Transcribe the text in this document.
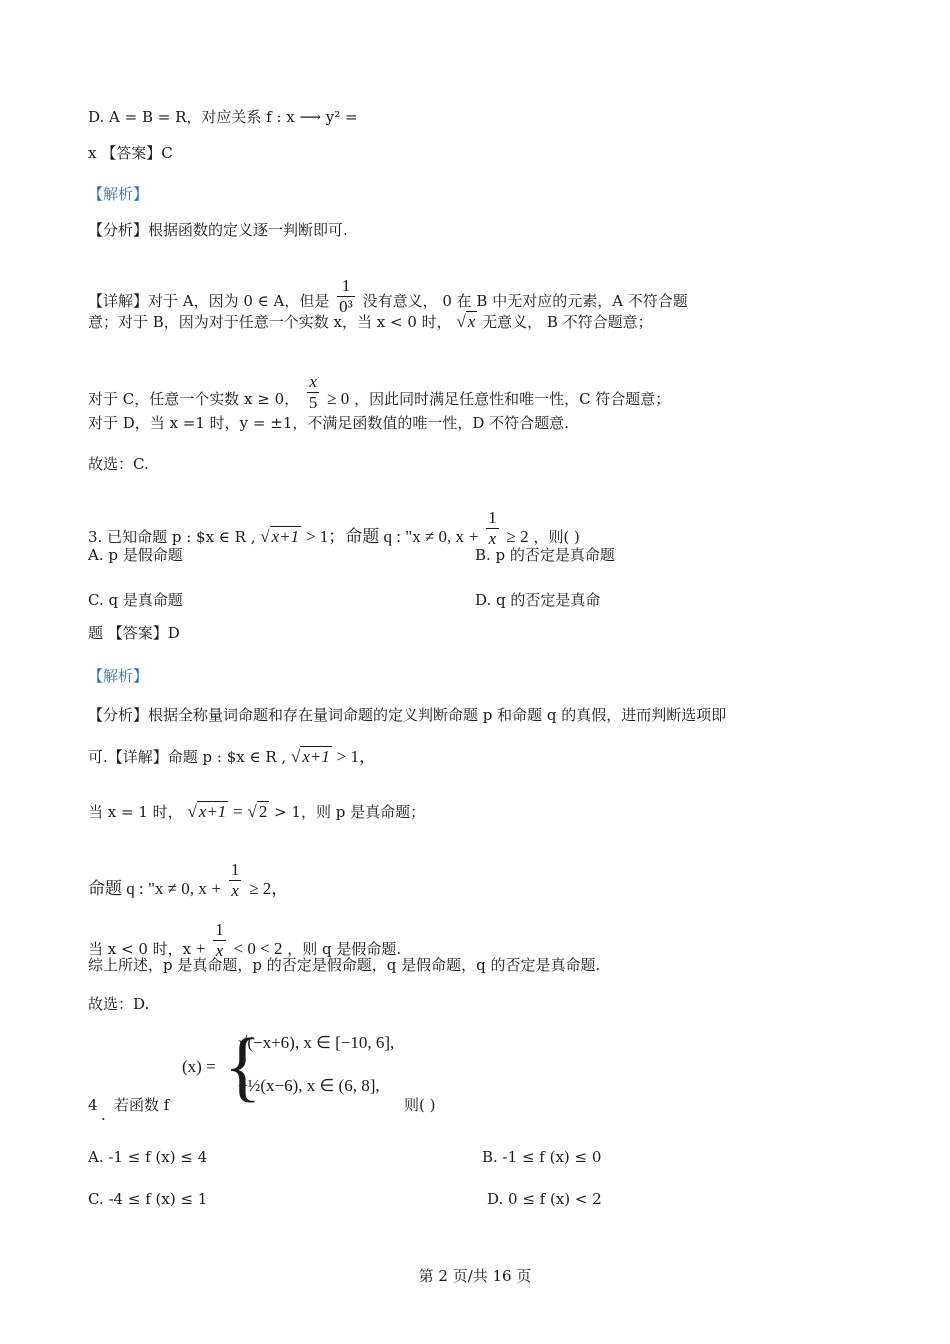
D. A = B = R，对应关系 f : x ⟶ y² =
x 【答案】C
【解析】
【分析】根据函数的定义逐一判断即可.
【详解】对于 A，因为 0 ∈ A，但是 $\frac{1}{\text{0³}}$ 没有意义， 0 在 B 中无对应的元素，A 不符合题
意；对于 B，因为对于任意一个实数 x，当 x < 0 时， √ x 无意义， B 不符合题意；
对于 C，任意一个实数 x ≥ 0， $\frac{x}{5} \ge 0$ ，因此同时满足任意性和唯一性，C 符合题意；
对于 D，当 x =1 时，y = ±1，不满足函数值的唯一性，D 不符合题意.
故选：C.
3. 已知命题 p : $x ∈ R , √ x+1 > 1；命题 q : "x ≠ 0, $x + \frac{1}{x} \ge 2$ ，则( )
A. p 是假命题	B. p 的否定是真命题
C. q 是真命题	D. q 的否定是真命
题 【答案】D
【解析】
【分析】根据全称量词命题和存在量词命题的定义判断命题 p 和命题 q 的真假，进而判断选项即
可.【详解】命题 p : $x ∈ R , √ x+1 > 1，
当 x = 1 时， √ x+1 = √ 2 > 1，则 p 是真命题；
命题 q : "x ≠ 0, $x + \frac{1}{x} \ge 2$，
当 x < 0 时，$x + \frac{1}{x} < 0 < 2$ ，则 q 是假命题.
综上所述，p 是真命题，p 的否定是假命题，q 是假命题，q 的否定是真命题.
故选：D.
4
.
若函数 f
(x) = {
√(−x+6), x ∈ [−10, 6],
−½(x−6), x ∈ (6, 8],
则( )
A. -1 ≤ f (x) ≤ 4	B. -1 ≤ f (x) ≤ 0
C. -4 ≤ f (x) ≤ 1	D. 0 ≤ f (x) < 2
第 2 页/共 16 页
